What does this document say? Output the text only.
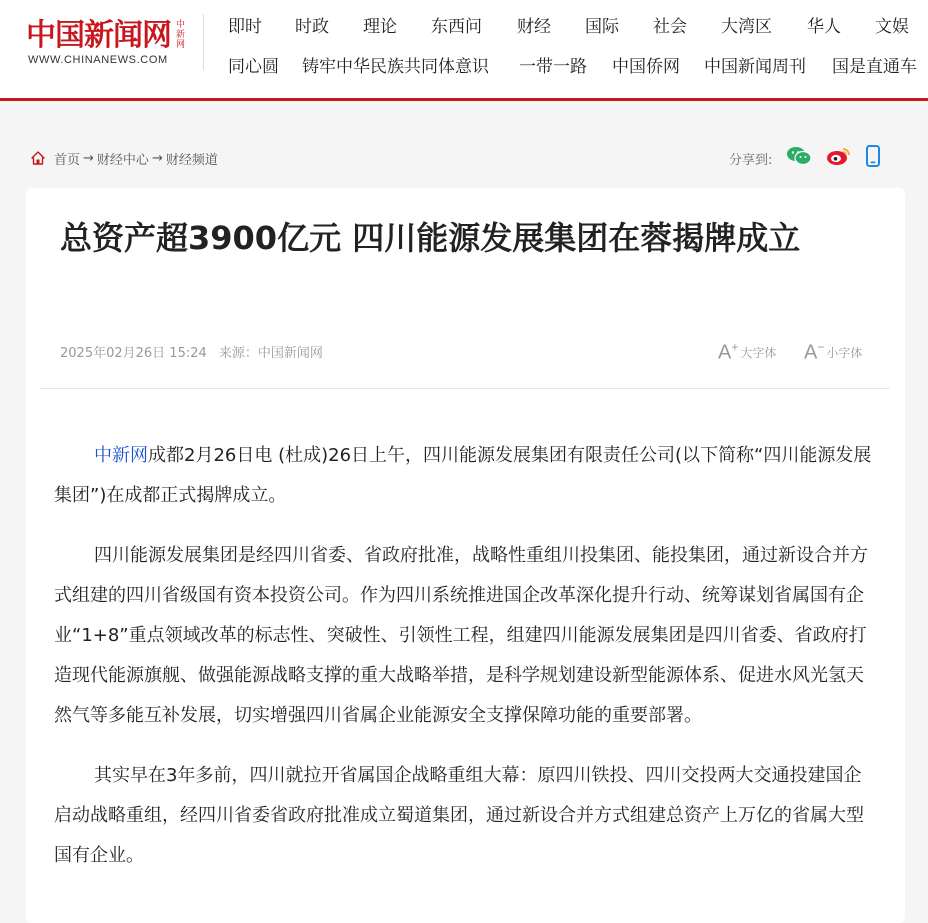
中国新闻网 中新网
WWW.CHINANEWS.COM
即时 时政 理论 东西问 财经 国际 社会 大湾区 华人 文娱
同心圆 铸牢中华民族共同体意识 一带一路 中国侨网 中国新闻周刊 国是直通车
首页 → 财经中心 → 财经频道	分享到:
总资产超3900亿元 四川能源发展集团在蓉揭牌成立
2025年02月26日 15:24 来源：中国新闻网	A+ 大字体 A− 小字体

中新网成都2月26日电 (杜成)26日上午，四川能源发展集团有限责任公司(以下简称“四川能源发展集团”)在成都正式揭牌成立。

四川能源发展集团是经四川省委、省政府批准，战略性重组川投集团、能投集团，通过新设合并方式组建的四川省级国有资本投资公司。作为四川系统推进国企改革深化提升行动、统筹谋划省属国有企业“1+8”重点领域改革的标志性、突破性、引领性工程，组建四川能源发展集团是四川省委、省政府打造现代能源旗舰、做强能源战略支撑的重大战略举措，是科学规划建设新型能源体系、促进水风光氢天然气等多能互补发展，切实增强四川省属企业能源安全支撑保障功能的重要部署。

其实早在3年多前，四川就拉开省属国企战略重组大幕：原四川铁投、四川交投两大交通投建国企启动战略重组，经四川省委省政府批准成立蜀道集团，通过新设合并方式组建总资产上万亿的省属大型国有企业。
